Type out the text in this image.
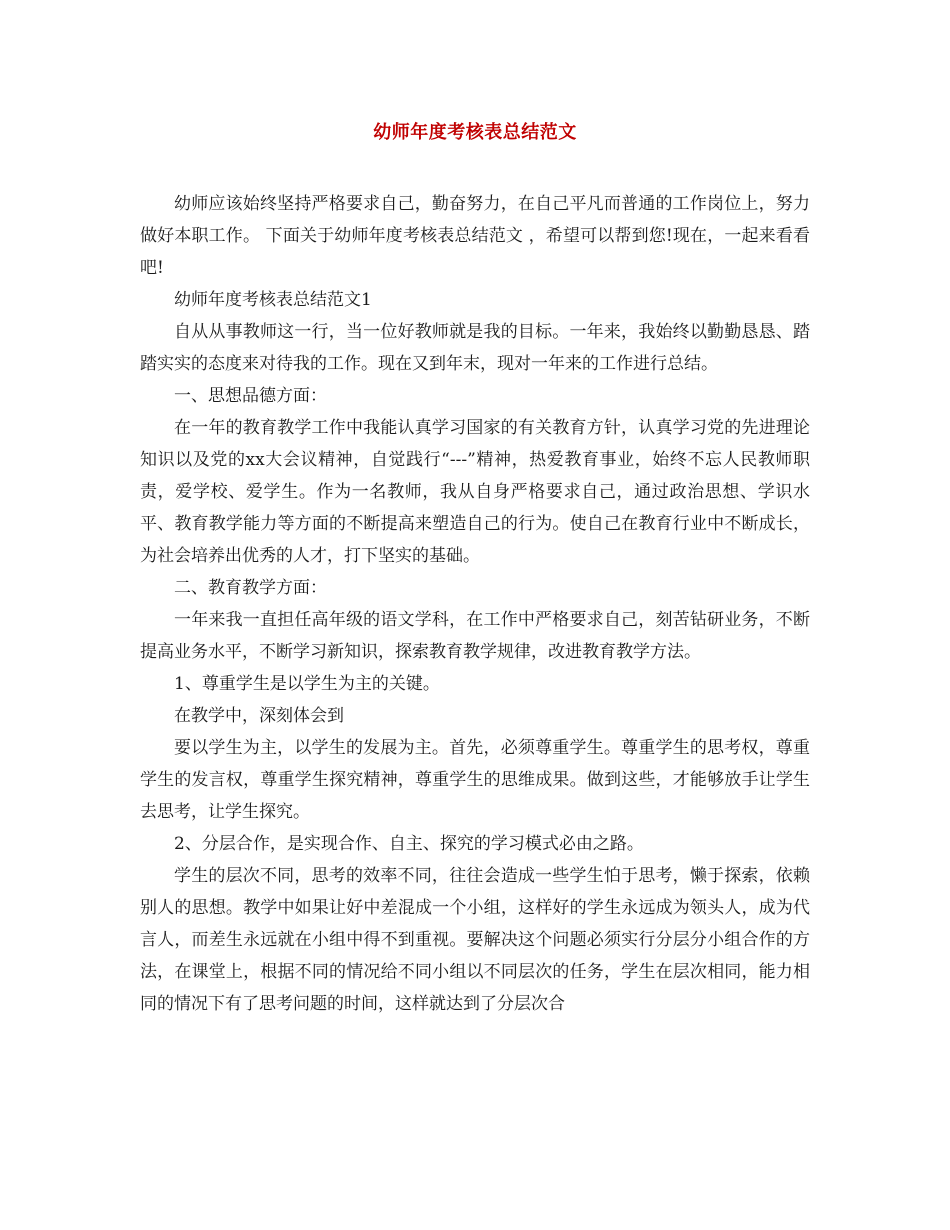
幼师年度考核表总结范文

幼师应该始终坚持严格要求自己，勤奋努力，在自己平凡而普通的工作岗位上，努力做好本职工作。 下面关于幼师年度考核表总结范文 ，希望可以帮到您!现在，一起来看看吧!

幼师年度考核表总结范文1

自从从事教师这一行，当一位好教师就是我的目标。一年来，我始终以勤勤恳恳、踏踏实实的态度来对待我的工作。现在又到年末，现对一年来的工作进行总结。

一、思想品德方面：

在一年的教育教学工作中我能认真学习国家的有关教育方针，认真学习党的先进理论知识以及党的xx大会议精神，自觉践行“---”精神，热爱教育事业，始终不忘人民教师职责，爱学校、爱学生。作为一名教师，我从自身严格要求自己，通过政治思想、学识水平、教育教学能力等方面的不断提高来塑造自己的行为。使自己在教育行业中不断成长，为社会培养出优秀的人才，打下坚实的基础。

二、教育教学方面：

一年来我一直担任高年级的语文学科，在工作中严格要求自己，刻苦钻研业务，不断提高业务水平，不断学习新知识，探索教育教学规律，改进教育教学方法。

1、尊重学生是以学生为主的关键。

在教学中，深刻体会到

要以学生为主，以学生的发展为主。首先，必须尊重学生。尊重学生的思考权，尊重学生的发言权，尊重学生探究精神，尊重学生的思维成果。做到这些，才能够放手让学生去思考，让学生探究。

2、分层合作，是实现合作、自主、探究的学习模式必由之路。

学生的层次不同，思考的效率不同，往往会造成一些学生怕于思考，懒于探索，依赖别人的思想。教学中如果让好中差混成一个小组，这样好的学生永远成为领头人，成为代言人，而差生永远就在小组中得不到重视。要解决这个问题必须实行分层分小组合作的方法，在课堂上，根据不同的情况给不同小组以不同层次的任务，学生在层次相同，能力相同的情况下有了思考问题的时间，这样就达到了分层次合
